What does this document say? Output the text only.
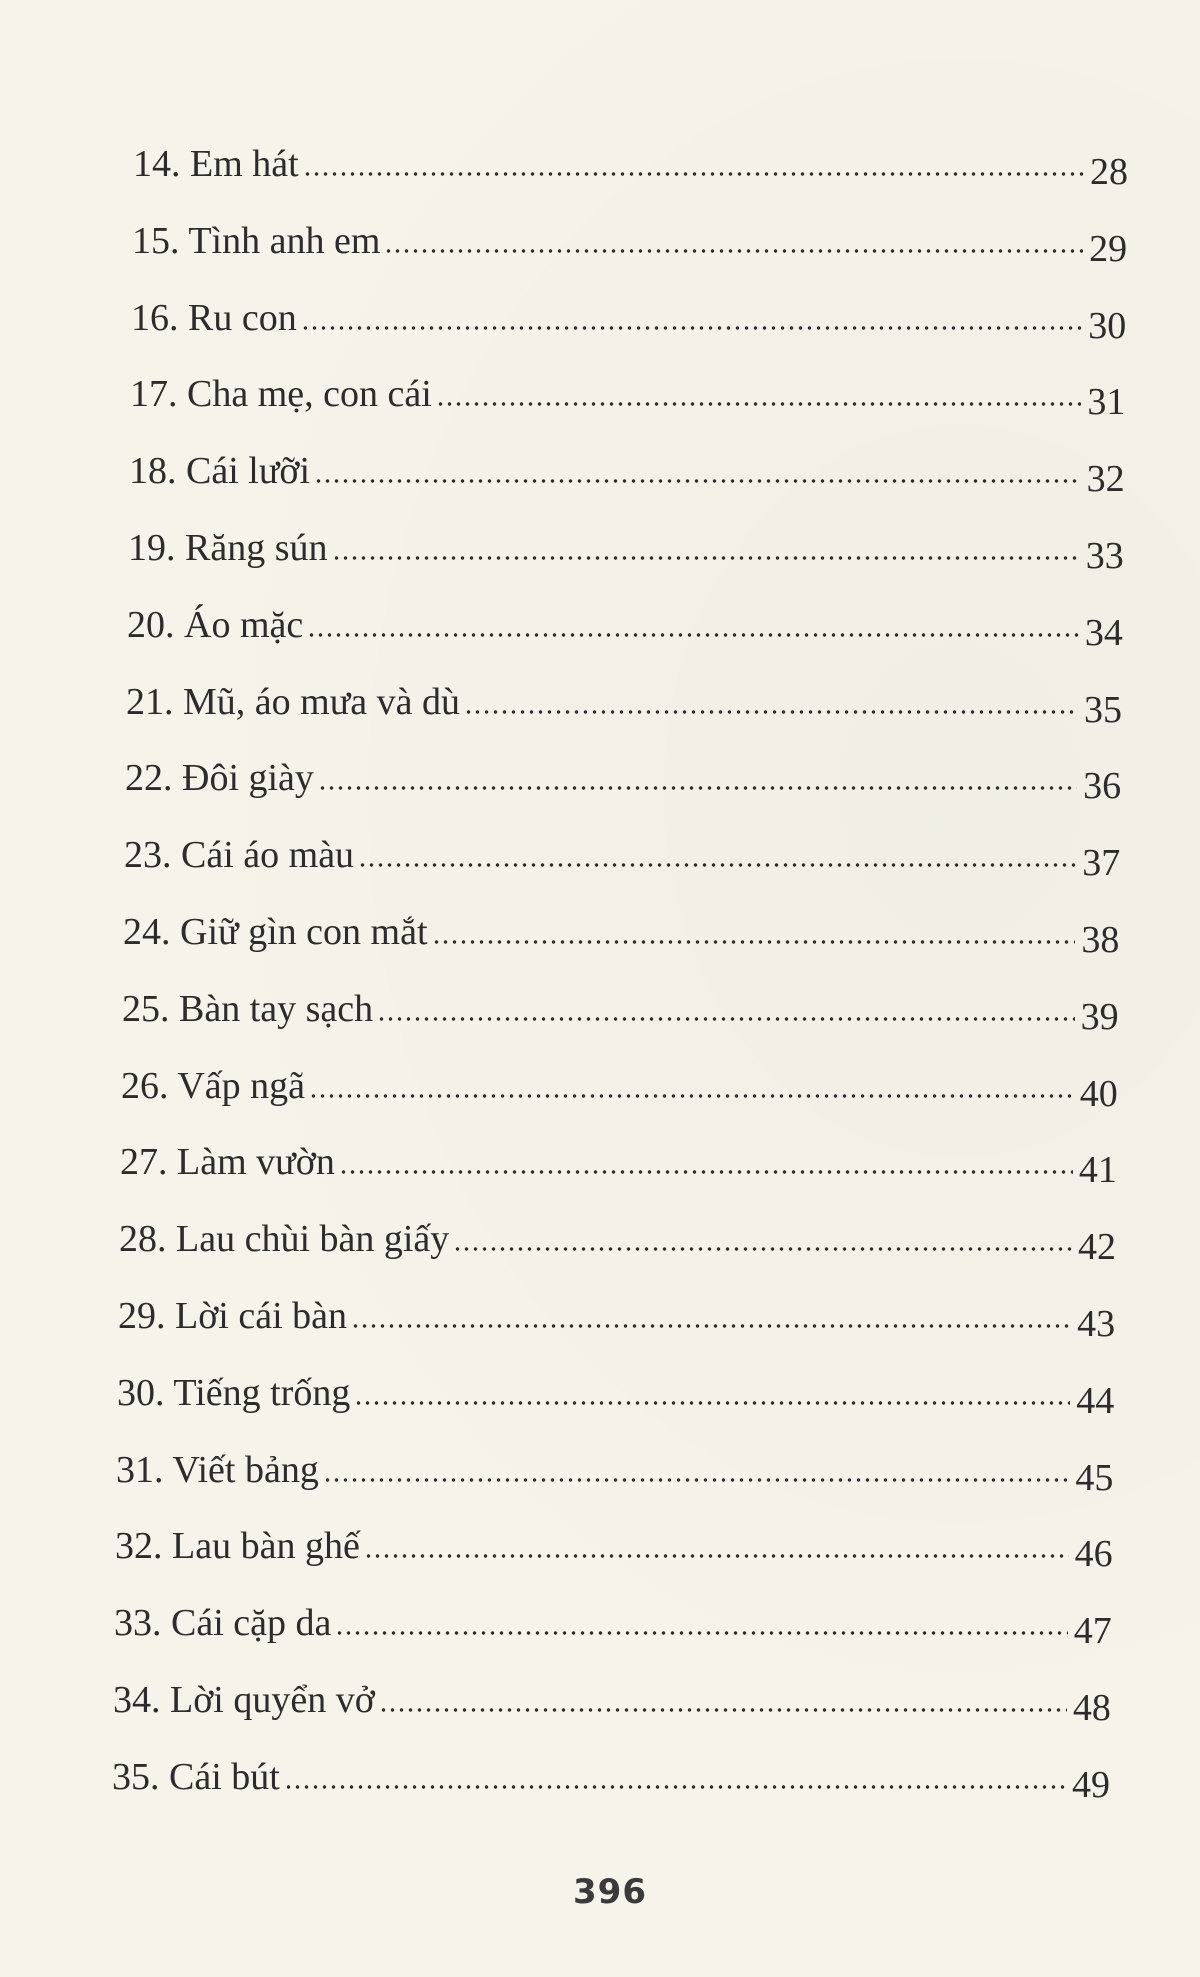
14. Em hát	28
15. Tình anh em	29
16. Ru con	30
17. Cha mẹ, con cái	31
18. Cái lưỡi	32
19. Răng sún	33
20. Áo mặc	34
21. Mũ, áo mưa và dù	35
22. Đôi giày	36
23. Cái áo màu	37
24. Giữ gìn con mắt	38
25. Bàn tay sạch	39
26. Vấp ngã	40
27. Làm vườn	41
28. Lau chùi bàn giấy	42
29. Lời cái bàn	43
30. Tiếng trống	44
31. Viết bảng	45
32. Lau bàn ghế	46
33. Cái cặp da	47
34. Lời quyển vở	48
35. Cái bút	49
396
